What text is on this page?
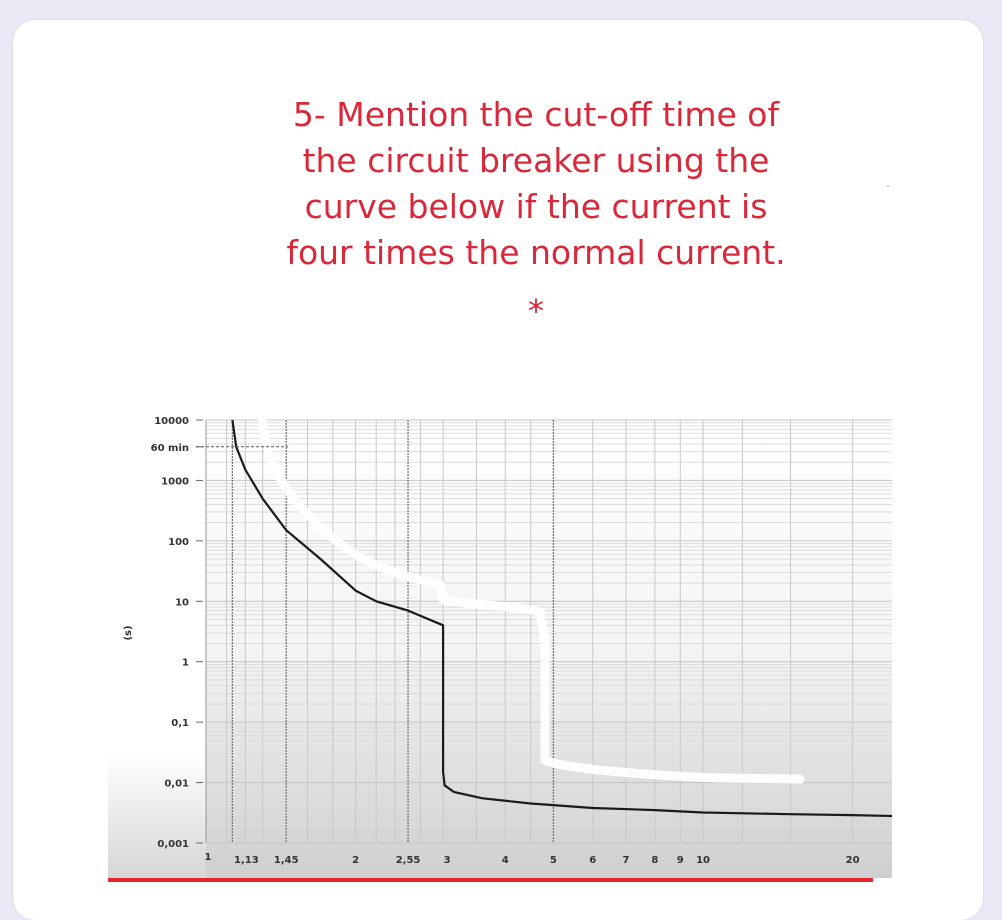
5- Mention the cut-off time of
the circuit breaker using the
curve below if the current is
four times the normal current.
*
10000
60 min
1000
100
10
1
0,1
0,01
0,001
1 1,13 1,45	2	2,55 3	4	5	6	7 8 9 10	20
(s)
